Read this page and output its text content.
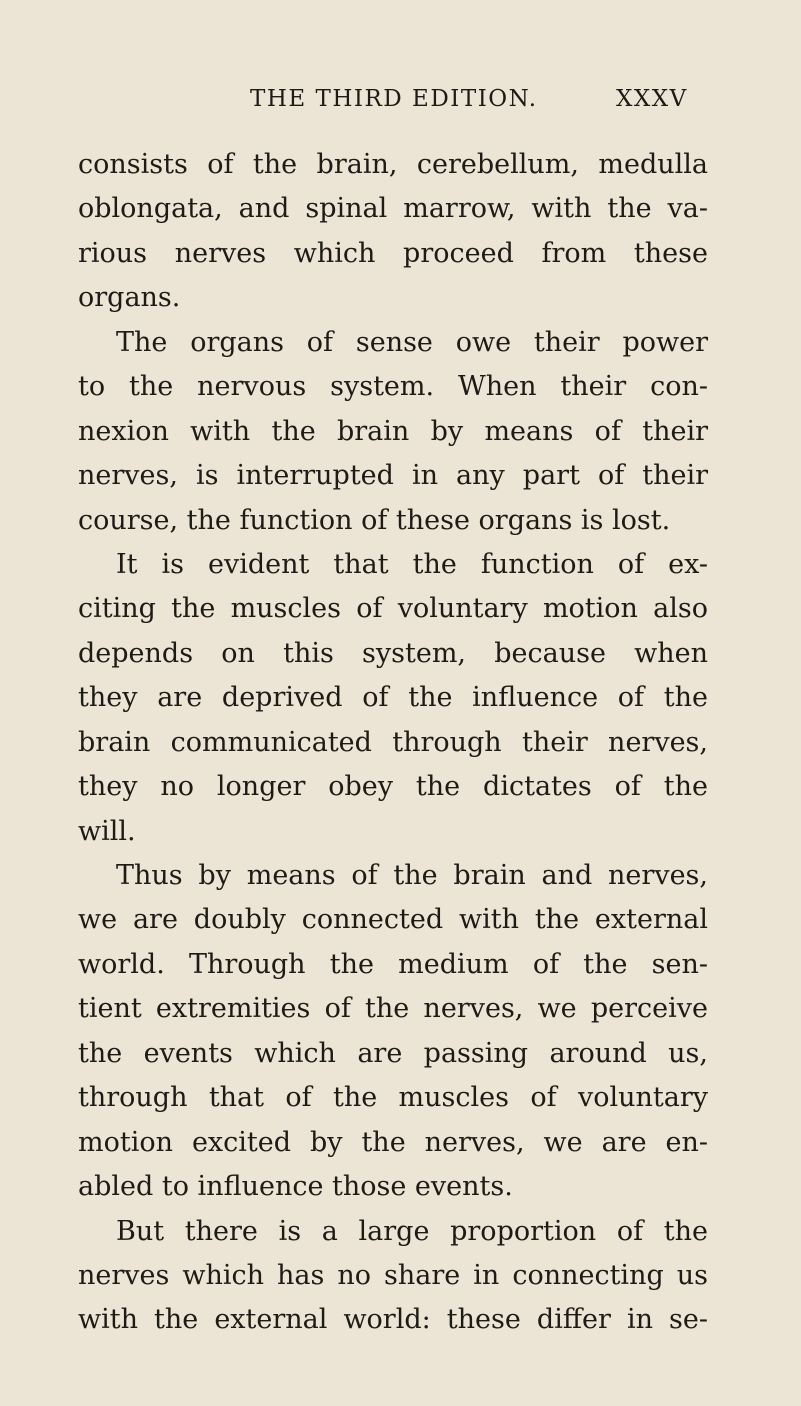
THE THIRD EDITION.	XXXV
consists of the brain, cerebellum, medulla
oblongata, and spinal marrow, with the va-
rious nerves which proceed from these
organs.
The organs of sense owe their power
to the nervous system. When their con-
nexion with the brain by means of their
nerves, is interrupted in any part of their
course, the function of these organs is lost.
It is evident that the function of ex-
citing the muscles of voluntary motion also
depends on this system, because when
they are deprived of the influence of the
brain communicated through their nerves,
they no longer obey the dictates of the
will.
Thus by means of the brain and nerves,
we are doubly connected with the external
world. Through the medium of the sen-
tient extremities of the nerves, we perceive
the events which are passing around us,
through that of the muscles of voluntary
motion excited by the nerves, we are en-
abled to influence those events.
But there is a large proportion of the
nerves which has no share in connecting us
with the external world: these differ in se-
